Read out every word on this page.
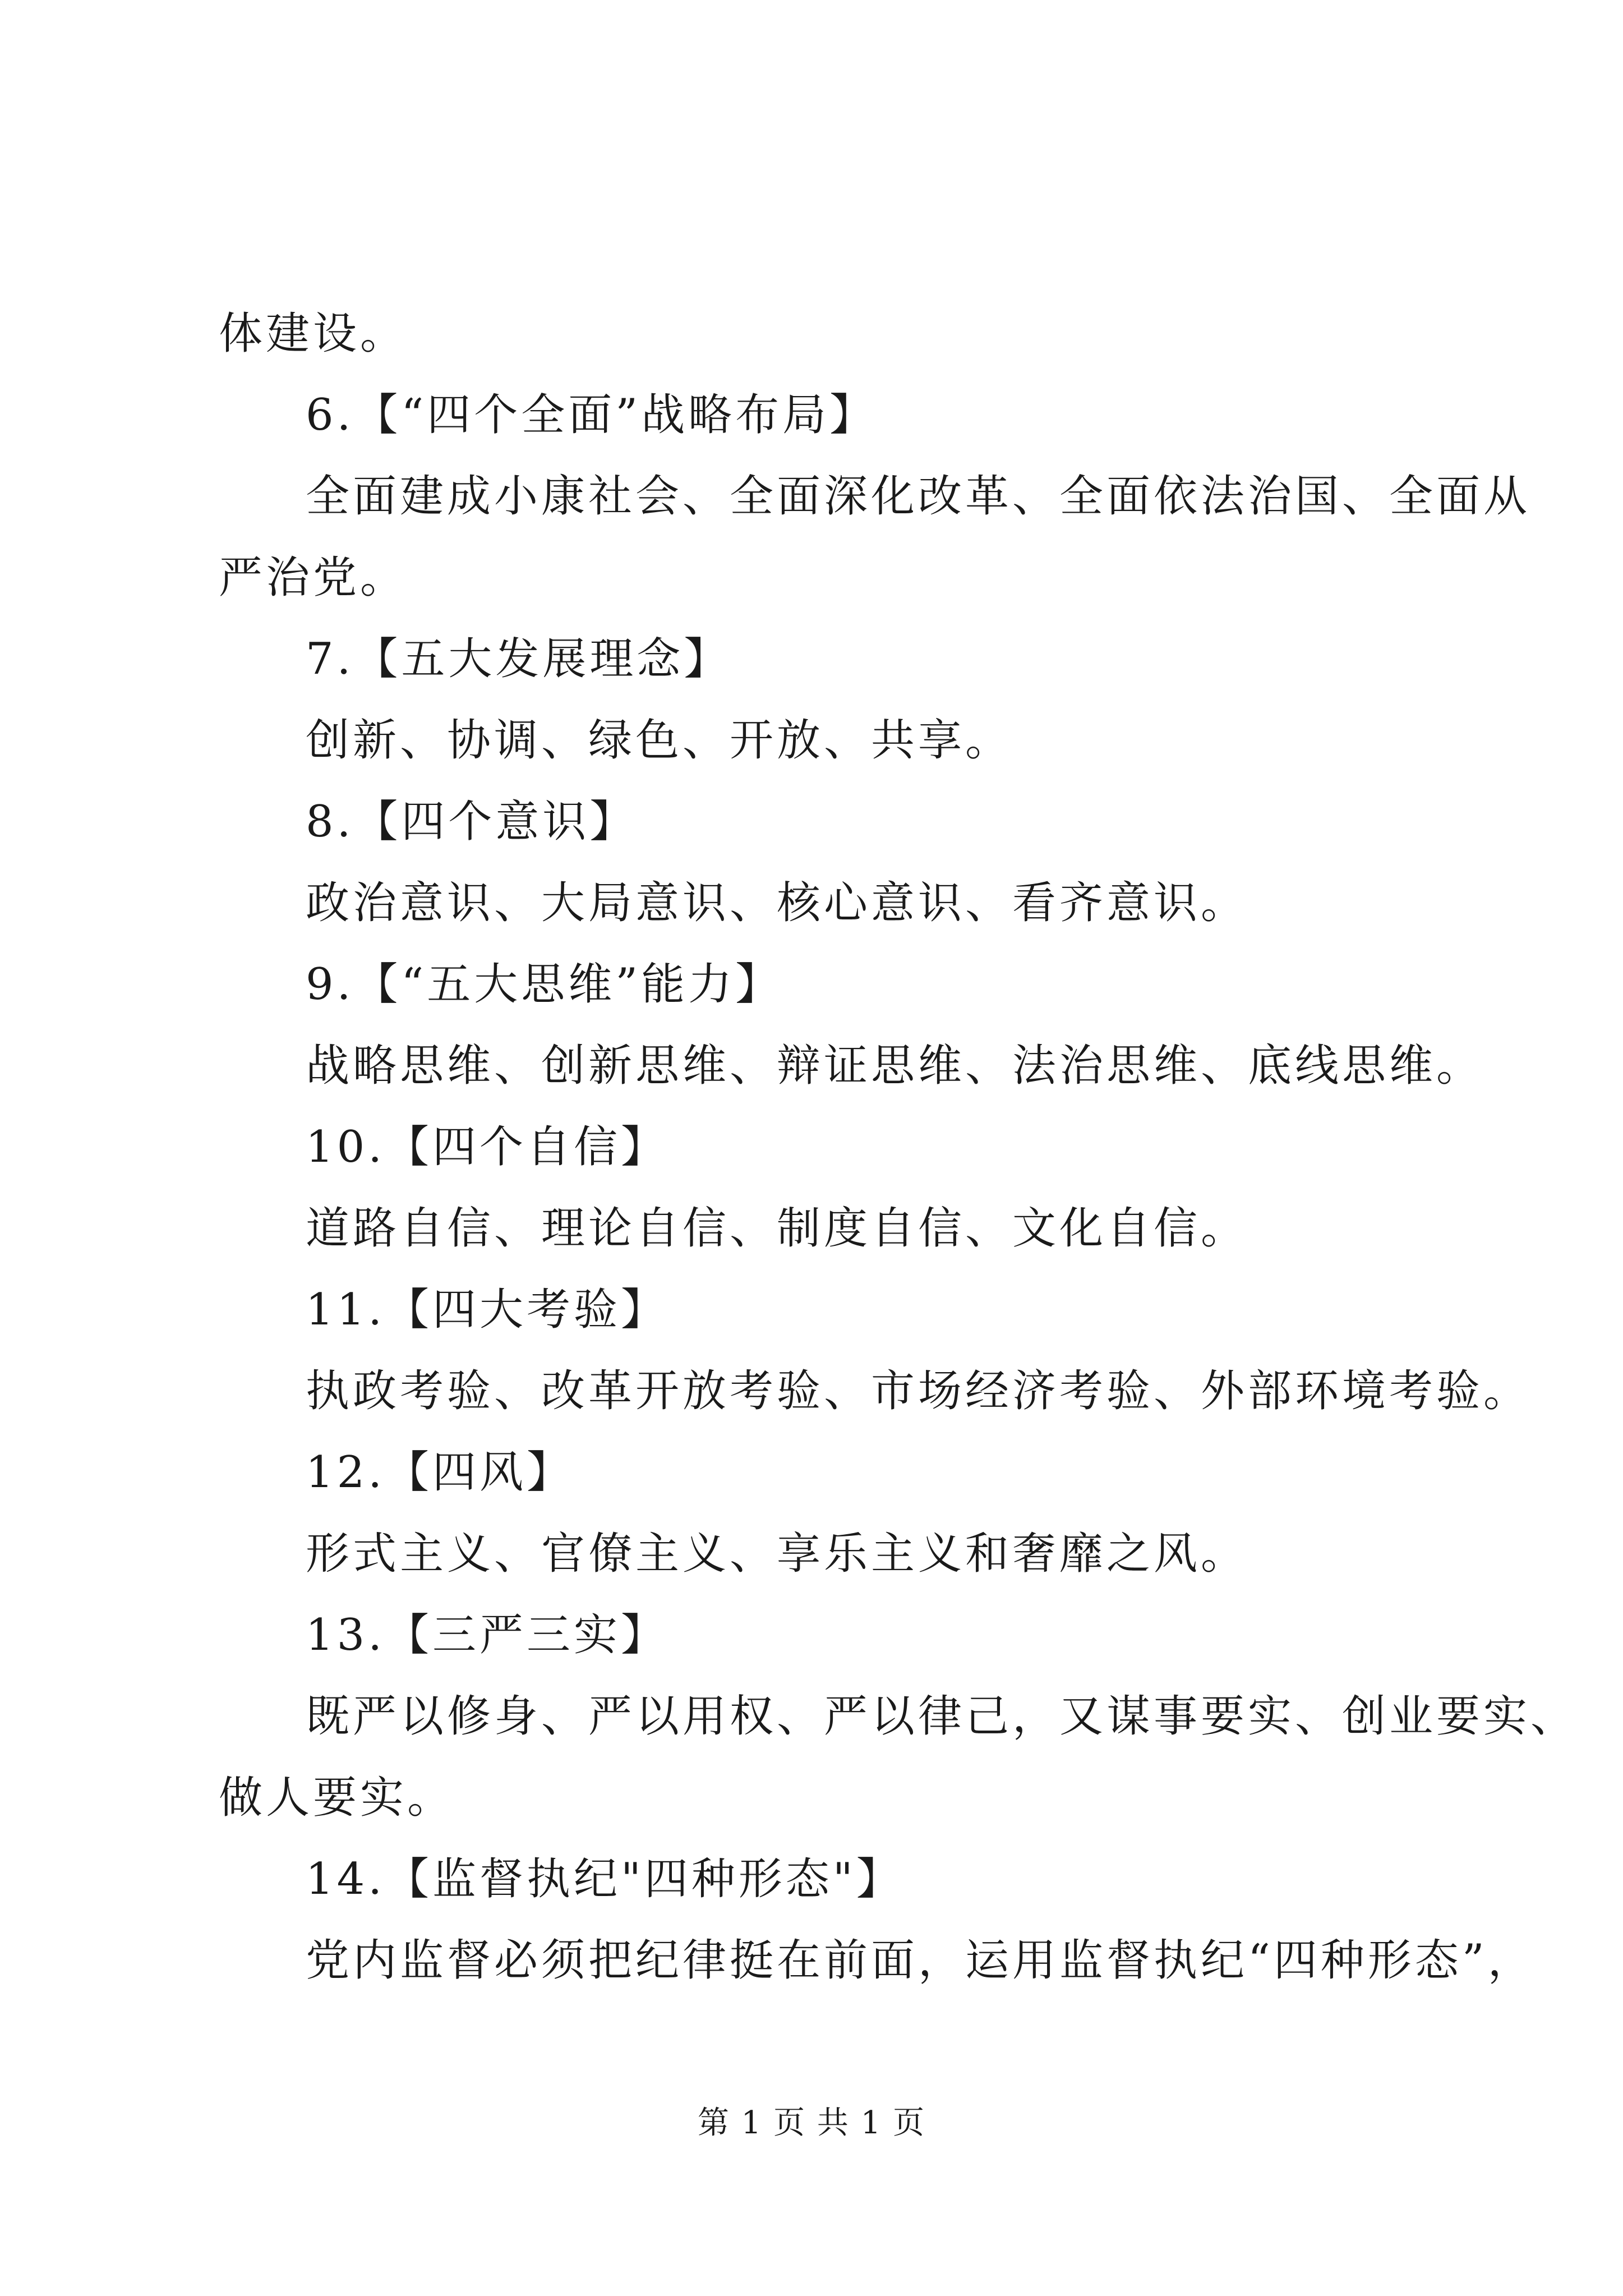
体建设。
6.【“四个全面”战略布局】
全面建成小康社会、全面深化改革、全面依法治国、全面从
严治党。
7.【五大发展理念】
创新、协调、绿色、开放、共享。
8.【四个意识】
政治意识、大局意识、核心意识、看齐意识。
9.【“五大思维”能力】
战略思维、创新思维、辩证思维、法治思维、底线思维。
10.【四个自信】
道路自信、理论自信、制度自信、文化自信。
11.【四大考验】
执政考验、改革开放考验、市场经济考验、外部环境考验。
12.【四风】
形式主义、官僚主义、享乐主义和奢靡之风。
13.【三严三实】
既严以修身、严以用权、严以律己，又谋事要实、创业要实、
做人要实。
14.【监督执纪"四种形态"】
党内监督必须把纪律挺在前面，运用监督执纪“四种形态”，
第 1 页 共 1 页
